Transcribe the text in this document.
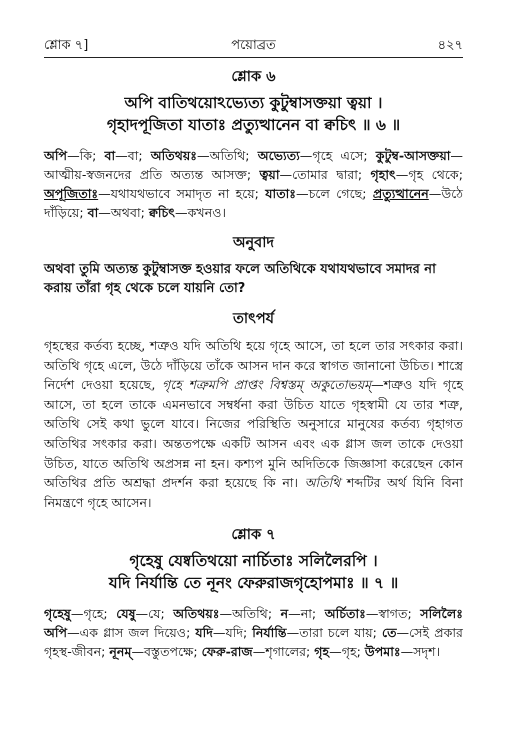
শ্লোক ৭]	পয়োব্রত	৪২৭
শ্লোক ৬
অপি বাতিথয়োঽভ্যেত্য কুটুম্বাসক্তয়া ত্বয়া ।
গৃহাদপূজিতা যাতাঃ প্রত্যুত্থানেন বা ক্বচিৎ ॥ ৬ ॥
অপি—কি; বা—বা; অতিথয়ঃ—অতিথি; অভ্যেত্য—গৃহে এসে; কুটুম্ব-আসক্তয়া—আত্মীয়-স্বজনদের প্রতি অত্যন্ত আসক্ত; ত্বয়া—তোমার দ্বারা; গৃহাৎ—গৃহ থেকে; অপূজিতাঃ—যথাযথভাবে সমাদৃত না হয়ে; যাতাঃ—চলে গেছে; প্রত্যুত্থানেন—উঠে দাঁড়িয়ে; বা—অথবা; ক্বচিৎ—কখনও।
অনুবাদ
অথবা তুমি অত্যন্ত কুটুম্বাসক্ত হওয়ার ফলে অতিথিকে যথাযথভাবে সমাদর না করায় তাঁরা গৃহ থেকে চলে যায়নি তো?
তাৎপর্য
গৃহস্থের কর্তব্য হচ্ছে, শত্রুও যদি অতিথি হয়ে গৃহে আসে, তা হলে তার সৎকার করা। অতিথি গৃহে এলে, উঠে দাঁড়িয়ে তাঁকে আসন দান করে স্বাগত জানানো উচিত। শাস্ত্রে নির্দেশ দেওয়া হয়েছে, গৃহে শত্রুমপি প্রাপ্তং বিশ্বস্তম্ অকুতোভয়ম্—শত্রুও যদি গৃহে আসে, তা হলে তাকে এমনভাবে সম্বর্ধনা করা উচিত যাতে গৃহস্বামী যে তার শত্রু, অতিথি সেই কথা ভুলে যাবে। নিজের পরিস্থিতি অনুসারে মানুষের কর্তব্য গৃহাগত অতিথির সৎকার করা। অন্ততপক্ষে একটি আসন এবং এক গ্লাস জল তাকে দেওয়া উচিত, যাতে অতিথি অপ্রসন্ন না হন। কশ্যপ মুনি অদিতিকে জিজ্ঞাসা করেছেন কোন অতিথির প্রতি অশ্রদ্ধা প্রদর্শন করা হয়েছে কি না। অতিথি শব্দটির অর্থ যিনি বিনা নিমন্ত্রণে গৃহে আসেন।
শ্লোক ৭
গৃহেষু যেষ্বতিথয়ো নার্চিতাঃ সলিলৈরপি ।
যদি নির্যান্তি তে নূনং ফেরুরাজগৃহোপমাঃ ॥ ৭ ॥
গৃহেষু—গৃহে; যেষু—যে; অতিথয়ঃ—অতিথি; ন—না; অর্চিতাঃ—স্বাগত; সলিলৈঃ অপি—এক গ্লাস জল দিয়েও; যদি—যদি; নির্যান্তি—তারা চলে যায়; তে—সেই প্রকার গৃহস্থ-জীবন; নূনম্—বস্তুতপক্ষে; ফেরু-রাজ—শৃগালের; গৃহ—গৃহ; উপমাঃ—সদৃশ।
